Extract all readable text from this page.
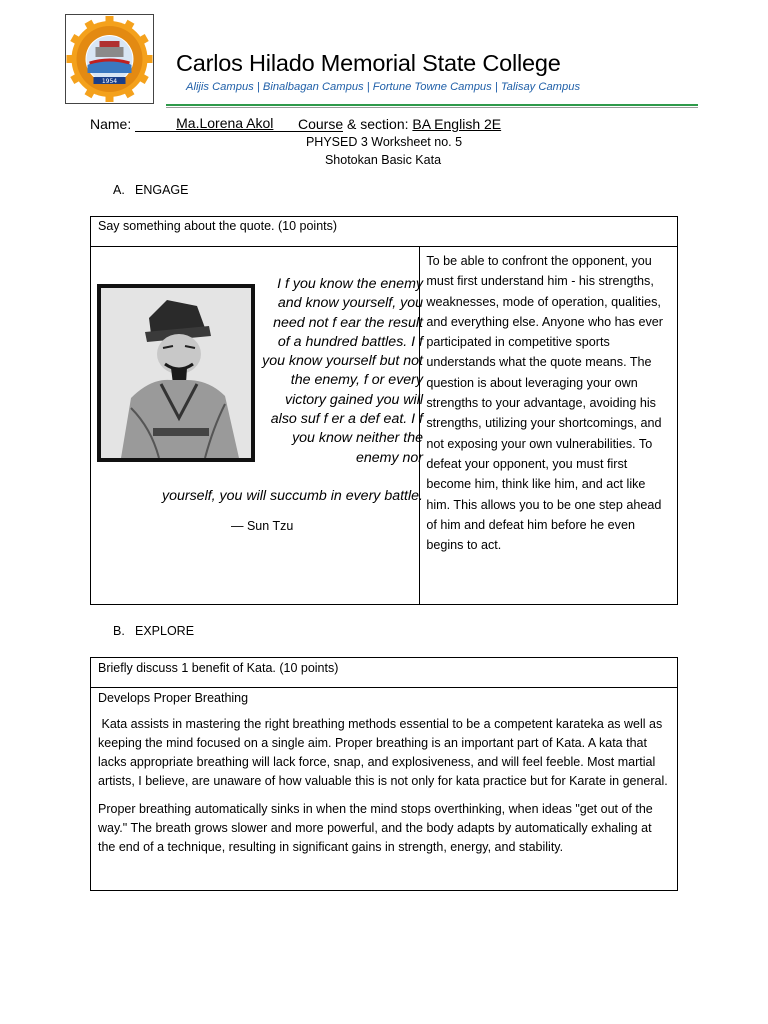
1954
Carlos Hilado Memorial State College
Alijis Campus | Binalbagan Campus | Fortune Towne Campus | Talisay Campus
Name:	Ma.Lorena Akol Course & section: BA English 2E
PHYSED 3 Worksheet no. 5
Shotokan Basic Kata
A. ENGAGE
Say something about the quote. (10 points)

I f you know the enemy and know yourself, you need not f ear the result of a hundred battles. I f you know yourself but not the enemy, f or every victory gained you will also suf f er a def eat. I f you know neither the enemy nor
yourself, you will succumb in every battle.
— Sun Tzu
	To be able to confront the opponent, you must first understand him - his strengths, weaknesses, mode of operation, qualities, and everything else. Anyone who has ever participated in competitive sports understands what the quote means. The question is about leveraging your own strengths to your advantage, avoiding his strengths, utilizing your shortcomings, and not exposing your own vulnerabilities. To defeat your opponent, you must first become him, think like him, and act like him. This allows you to be one step ahead of him and defeat him before he even begins to act.
B. EXPLORE
Briefly discuss 1 benefit of Kata. (10 points)

Develops Proper Breathing

Kata assists in mastering the right breathing methods essential to be a competent karateka as well as keeping the mind focused on a single aim. Proper breathing is an important part of Kata. A kata that lacks appropriate breathing will lack force, snap, and explosiveness, and will feel feeble. Most martial artists, I believe, are unaware of how valuable this is not only for kata practice but for Karate in general.

Proper breathing automatically sinks in when the mind stops overthinking, when ideas "get out of the way." The breath grows slower and more powerful, and the body adapts by automatically exhaling at the end of a technique, resulting in significant gains in strength, energy, and stability.
